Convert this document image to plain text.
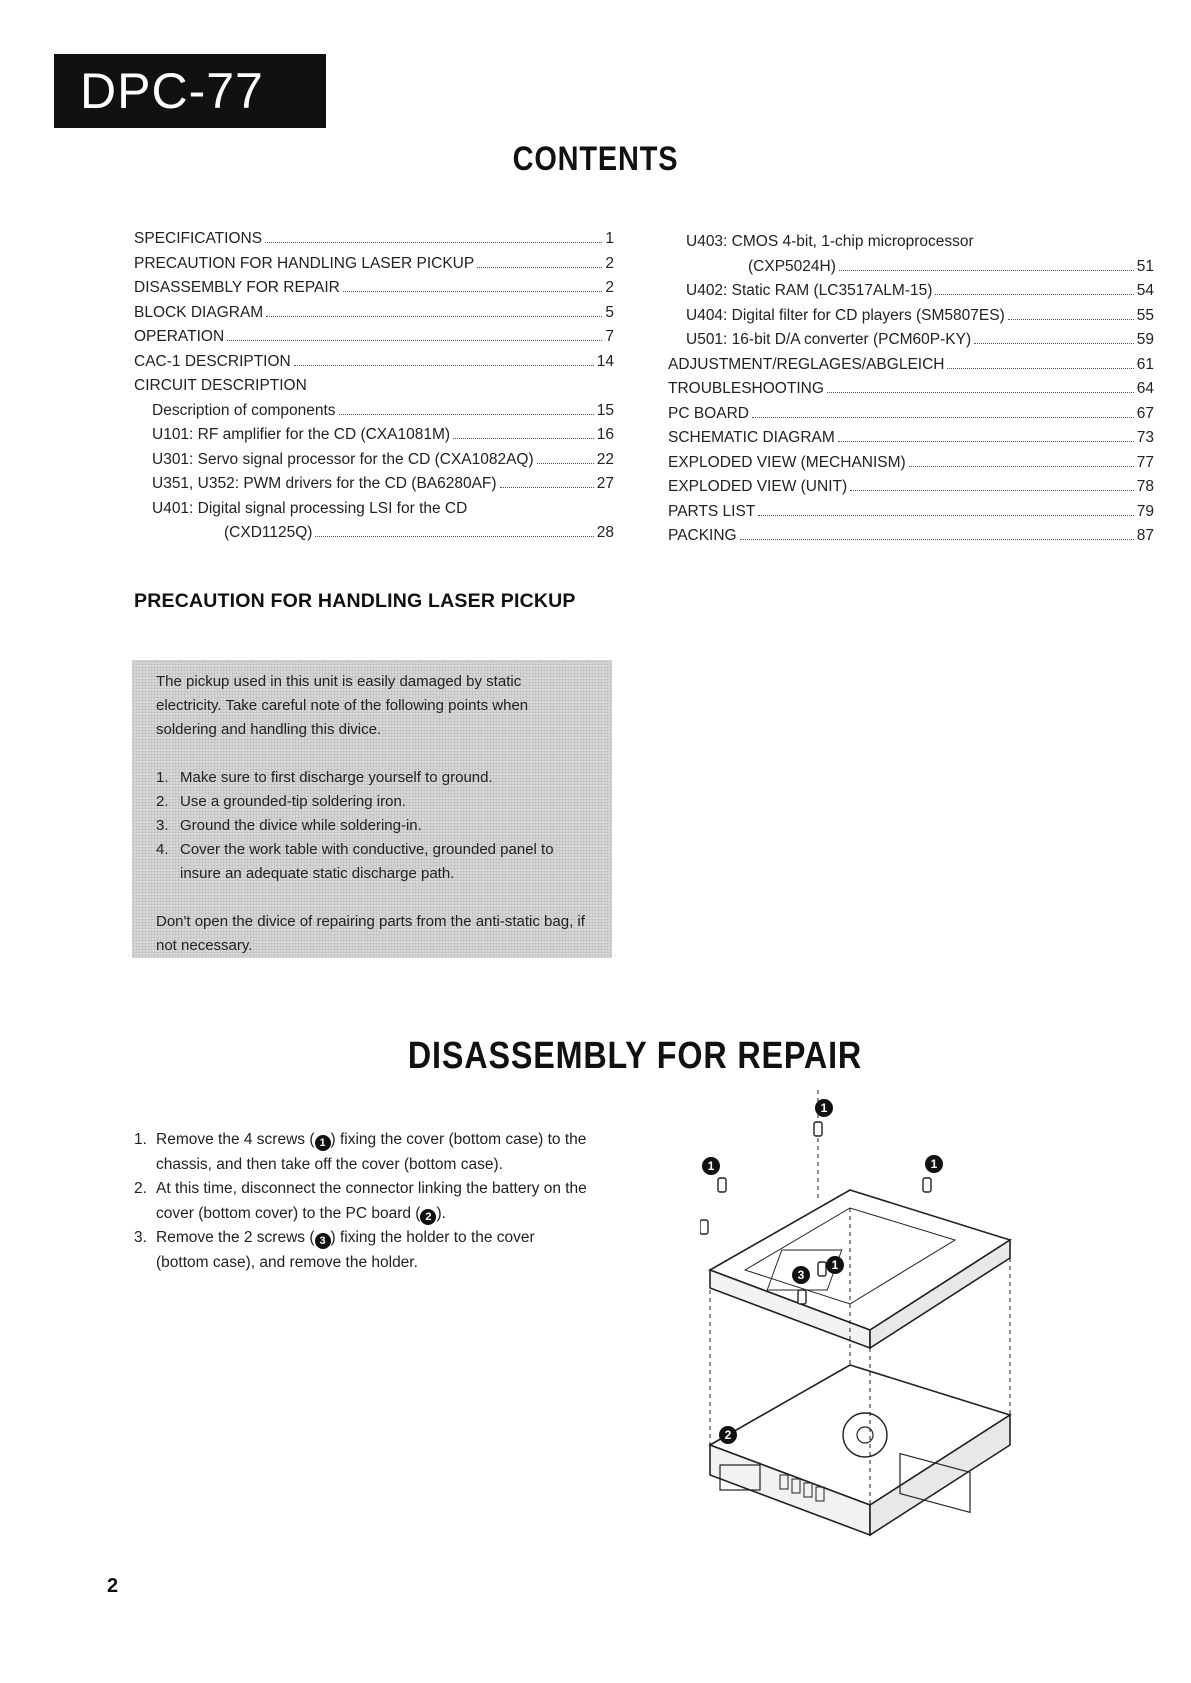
DPC-77
CONTENTS
SPECIFICATIONS	1
PRECAUTION FOR HANDLING LASER PICKUP	2
DISASSEMBLY FOR REPAIR	2
BLOCK DIAGRAM	5
OPERATION	7
CAC-1 DESCRIPTION	14
CIRCUIT DESCRIPTION
Description of components	15
U101: RF amplifier for the CD (CXA1081M)	16
U301: Servo signal processor for the CD (CXA1082AQ)	22
U351, U352: PWM drivers for the CD (BA6280AF)	27
U401: Digital signal processing LSI for the CD
(CXD1125Q)	28
U403: CMOS 4-bit, 1-chip microprocessor
(CXP5024H)	51
U402: Static RAM (LC3517ALM-15)	54
U404: Digital filter for CD players (SM5807ES)	55
U501: 16-bit D/A converter (PCM60P-KY)	59
ADJUSTMENT/REGLAGES/ABGLEICH	61
TROUBLESHOOTING	64
PC BOARD	67
SCHEMATIC DIAGRAM	73
EXPLODED VIEW (MECHANISM)	77
EXPLODED VIEW (UNIT)	78
PARTS LIST	79
PACKING	87
PRECAUTION FOR HANDLING LASER PICKUP

The pickup used in this unit is easily damaged by static electricity. Take careful note of the following points when soldering and handling this divice.

1. Make sure to first discharge yourself to ground.
2. Use a grounded-tip soldering iron.
3. Ground the divice while soldering-in.
4. Cover the work table with conductive, grounded panel to insure an adequate static discharge path.

Don't open the divice of repairing parts from the anti-static bag, if not necessary.

DISASSEMBLY FOR REPAIR
1. Remove the 4 screws ( 1 ) fixing the cover (bottom case) to the chassis, and then take off the cover (bottom case).
2. At this time, disconnect the connector linking the battery on the cover (bottom cover) to the PC board ( 2 ).
3. Remove the 2 screws ( 3 ) fixing the holder to the cover (bottom case), and remove the holder.
1
1	1
1
2
3
2
